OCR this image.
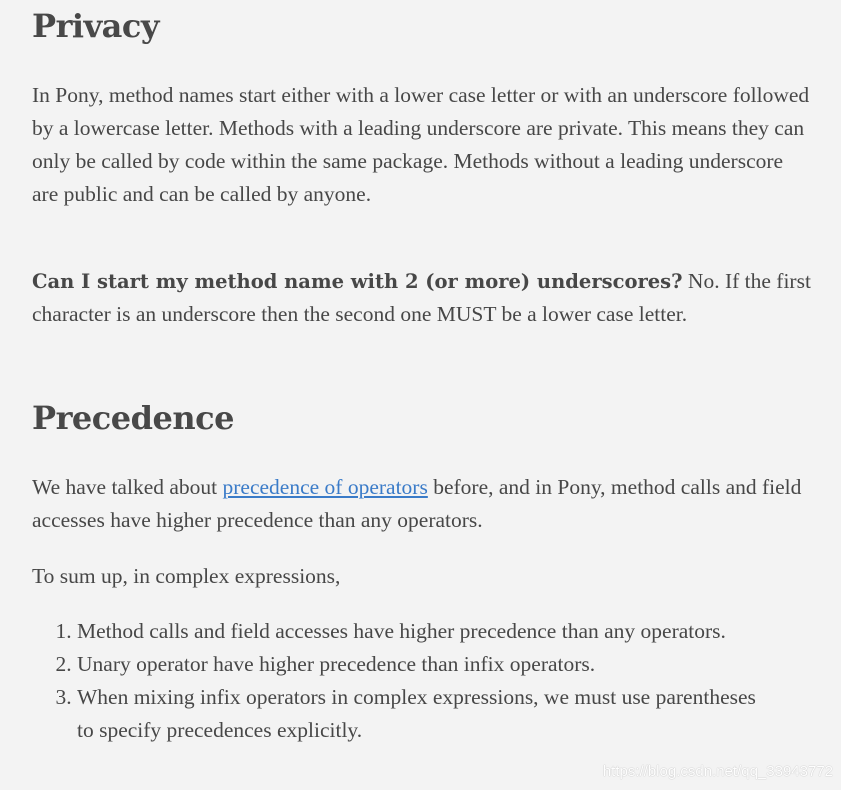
Privacy

In Pony, method names start either with a lower case letter or with an underscore followed by a lowercase letter. Methods with a leading underscore are private. This means they can only be called by code within the same package. Methods without a leading underscore are public and can be called by anyone.

Can I start my method name with 2 (or more) underscores? No. If the first character is an underscore then the second one MUST be a lower case letter.

Precedence

We have talked about precedence of operators before, and in Pony, method calls and field accesses have higher precedence than any operators.

To sum up, in complex expressions,

1. Method calls and field accesses have higher precedence than any operators.
2. Unary operator have higher precedence than infix operators.
3. When mixing infix operators in complex expressions, we must use parentheses to specify precedences explicitly.
https://blog.csdn.net/qq_33943772
